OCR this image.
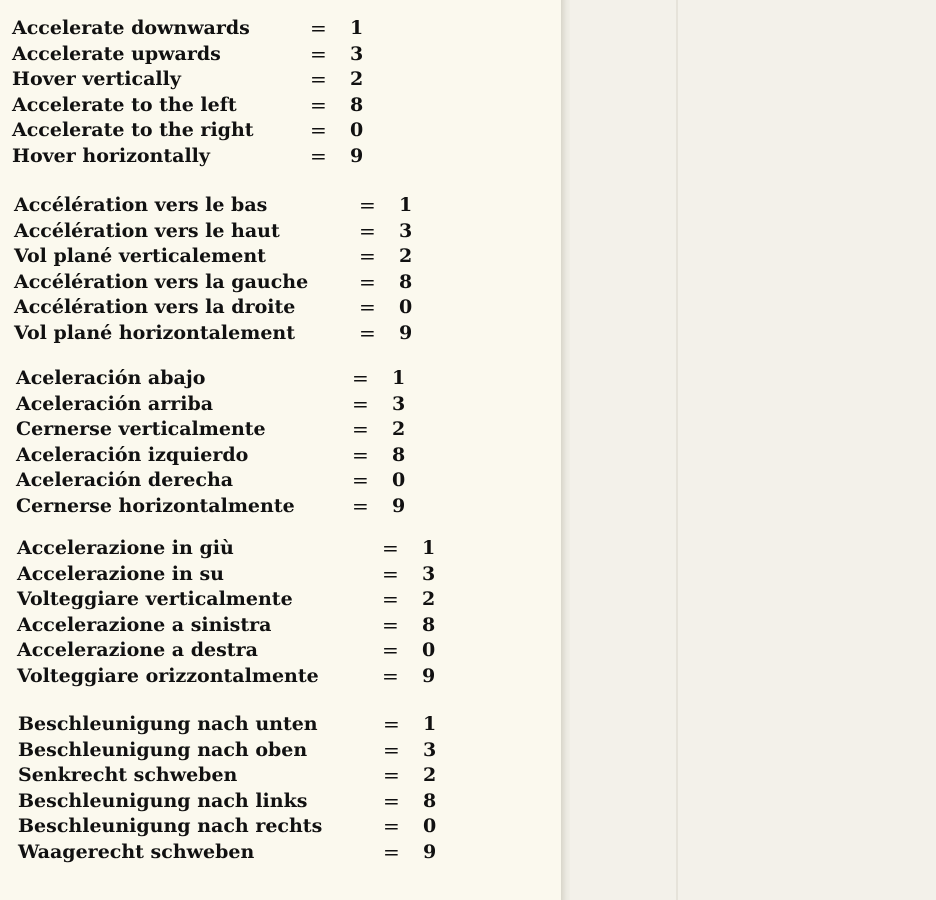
Accelerate downwards	= 1
Accelerate upwards	= 3
Hover vertically	= 2
Accelerate to the left	= 8
Accelerate to the right	= 0
Hover horizontally	= 9
Accélération vers le bas	= 1
Accélération vers le haut	= 3
Vol plané verticalement	= 2
Accélération vers la gauche	= 8
Accélération vers la droite	= 0
Vol plané horizontalement	= 9
Aceleración abajo	= 1
Aceleración arriba	= 3
Cernerse verticalmente	= 2
Aceleración izquierdo	= 8
Aceleración derecha	= 0
Cernerse horizontalmente	= 9
Accelerazione in giù	= 1
Accelerazione in su	= 3
Volteggiare verticalmente	= 2
Accelerazione a sinistra	= 8
Accelerazione a destra	= 0
Volteggiare orizzontalmente	= 9
Beschleunigung nach unten	= 1
Beschleunigung nach oben	= 3
Senkrecht schweben	= 2
Beschleunigung nach links	= 8
Beschleunigung nach rechts	= 0
Waagerecht schweben	= 9
